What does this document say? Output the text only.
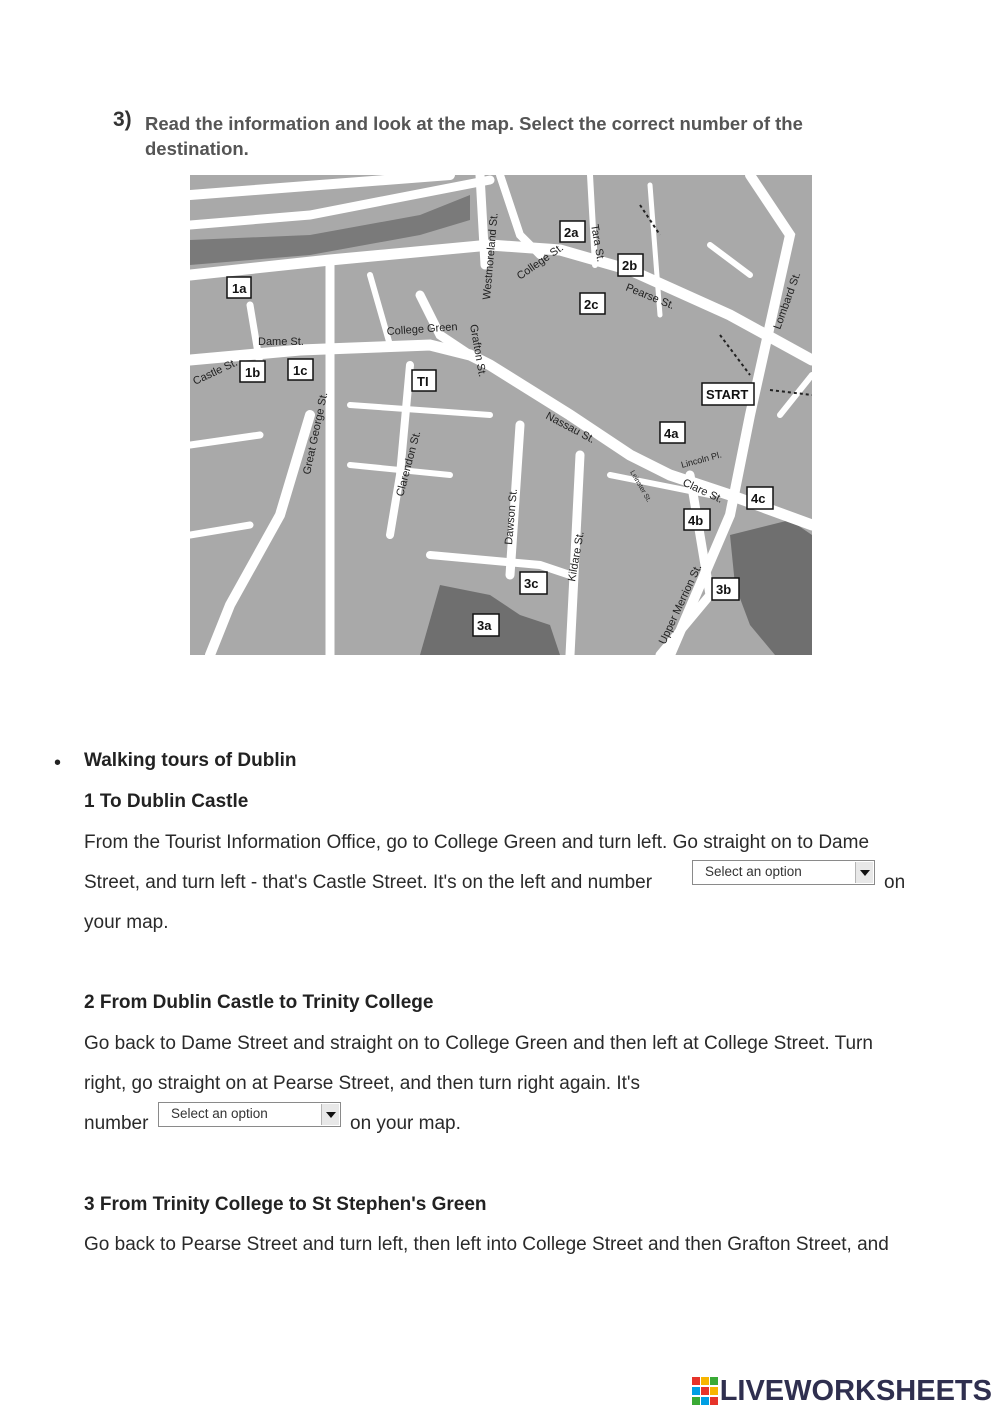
3) Read the information and look at the map. Select the correct number of the
destination.
Westmoreland St.	Tara St.
College St.
Pearse St.	Lombard St.
College Green Grafton St.
Dame St.
Castle St.
Great George St.	Clarendon St.
Nassau St.
Lincoln Pl.
Clare St.
Leinster St.
Dawson St.
Kildare St.
Upper Merrion St.
1a
1b	1c
TI
2a
2b
2c
START
4a
4b
4c
3a
3b
3c
• Walking tours of Dublin
1 To Dublin Castle
From the Tourist Information Office, go to College Green and turn left. Go straight on to Dame
Street, and turn left - that's Castle Street. It's on the left and number
Select an option
on
your map.
2 From Dublin Castle to Trinity College
Go back to Dame Street and straight on to College Green and then left at College Street. Turn
right, go straight on at Pearse Street, and then turn right again. It's
number Select an option	on your map.
3 From Trinity College to St Stephen's Green
Go back to Pearse Street and turn left, then left into College Street and then Grafton Street, and
LIVEWORKSHEETS
